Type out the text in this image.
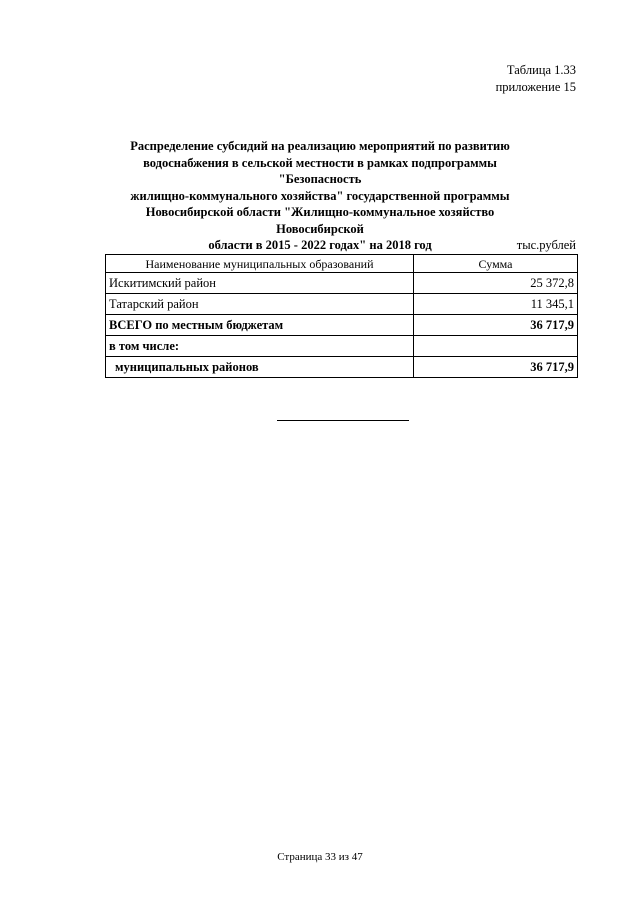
Таблица 1.33
приложение 15
Распределение субсидий на реализацию мероприятий по развитию
водоснабжения в сельской местности в рамках подпрограммы "Безопасность
жилищно-коммунального хозяйства" государственной программы
Новосибирской области "Жилищно-коммунальное хозяйство Новосибирской
области в 2015 - 2022 годах" на 2018 год	тыс.рублей
Наименование муниципальных образований	Сумма
Искитимский район	25 372,8
Татарский район	11 345,1
ВСЕГО по местным бюджетам	36 717,9
в том числе:	
муниципальных районов	36 717,9
Страница 33 из 47
